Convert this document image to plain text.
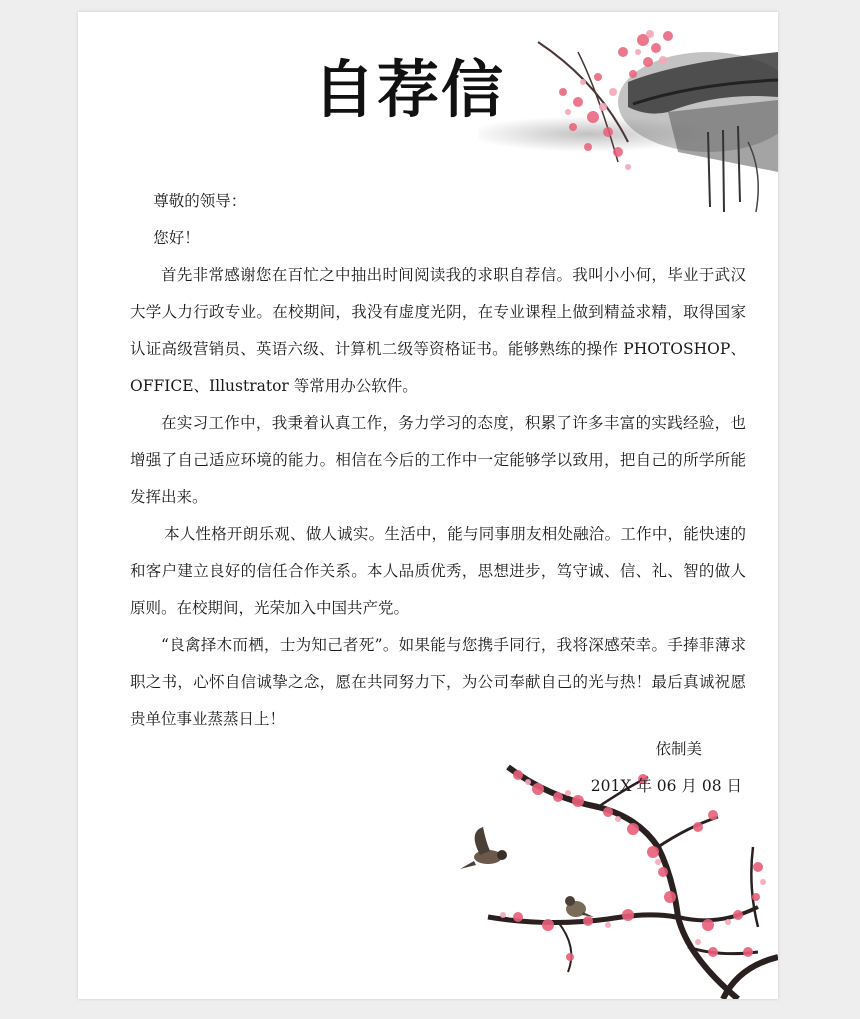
自荐信

尊敬的领导：

您好！

首先非常感谢您在百忙之中抽出时间阅读我的求职自荐信。我叫小小何，毕业于武汉大学人力行政专业。在校期间，我没有虚度光阴，在专业课程上做到精益求精，取得国家认证高级营销员、英语六级、计算机二级等资格证书。能够熟练的操作 PHOTOSHOP、OFFICE、Illustrator 等常用办公软件。

在实习工作中，我秉着认真工作，务力学习的态度，积累了许多丰富的实践经验，也增强了自己适应环境的能力。相信在今后的工作中一定能够学以致用，把自己的所学所能发挥出来。

本人性格开朗乐观、做人诚实。生活中，能与同事朋友相处融洽。工作中，能快速的和客户建立良好的信任合作关系。本人品质优秀，思想进步，笃守诚、信、礼、智的做人原则。在校期间，光荣加入中国共产党。

“良禽择木而栖，士为知己者死”。如果能与您携手同行，我将深感荣幸。手捧菲薄求职之书，心怀自信诚挚之念，愿在共同努力下，为公司奉献自己的光与热！最后真诚祝愿贵单位事业蒸蒸日上！

依制美
201X 年 06 月 08 日
